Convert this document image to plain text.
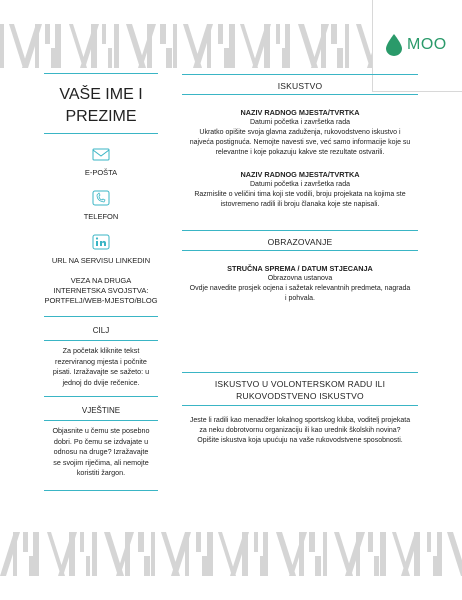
MOO
VAŠE IME I PREZIME
E-POŠTA
TELEFON
URL NA SERVISU LINKEDIN
VEZA NA DRUGA INTERNETSKA SVOJSTVA: PORTFELJ/WEB-MJESTO/BLOG
CILJ
Za početak kliknite tekst rezerviranog mjesta i počnite pisati. Izražavajte se sažeto: u jednoj do dvije rečenice.
VJEŠTINE
Objasnite u čemu ste posebno dobri. Po čemu se izdvajate u odnosu na druge? Izražavajte se svojim riječima, ali nemojte koristiti žargon.
ISKUSTVO
NAZIV RADNOG MJESTA/TVRTKA
Datumi početka i završetka rada
Ukratko opišite svoja glavna zaduženja, rukovodstveno iskustvo i najveća postignuća. Nemojte navesti sve, već samo informacije koje su relevantne i koje pokazuju kakve ste rezultate ostvarili.
NAZIV RADNOG MJESTA/TVRTKA
Datumi početka i završetka rada
Razmislite o veličini tima koji ste vodili, broju projekata na kojima ste istovremeno radili ili broju članaka koje ste napisali.
OBRAZOVANJE
STRUČNA SPREMA / DATUM STJECANJA
Obrazovna ustanova
Ovdje navedite prosjek ocjena i sažetak relevantnih predmeta, nagrada i pohvala.
ISKUSTVO U VOLONTERSKOM RADU ILI RUKOVODSTVENO ISKUSTVO
Jeste li radili kao menadžer lokalnog sportskog kluba, voditelj projekata za neku dobrotvornu organizaciju ili kao urednik školskih novina? Opišite iskustva koja upućuju na vaše rukovodstvene sposobnosti.
